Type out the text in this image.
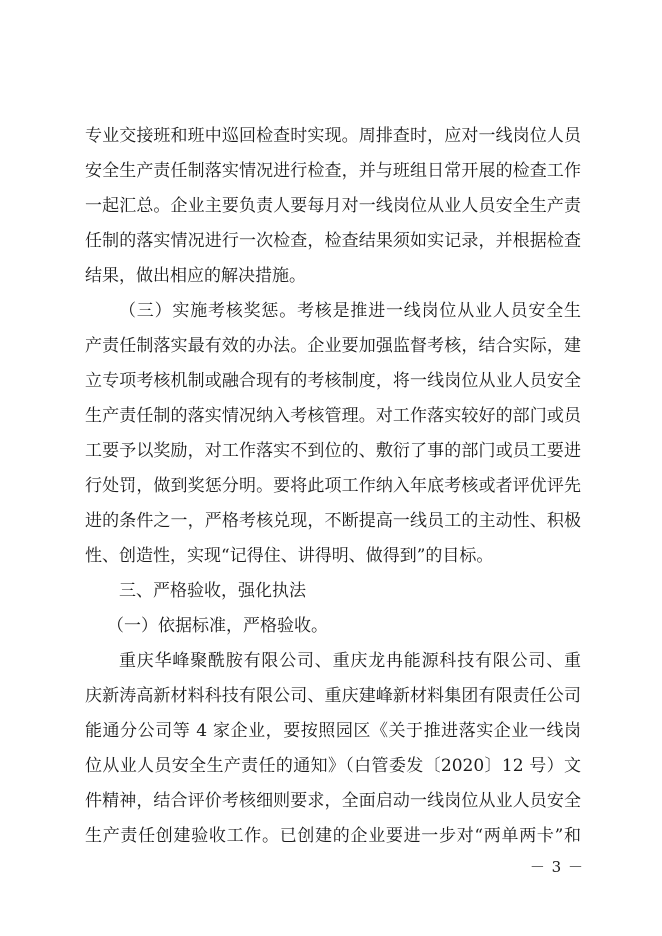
专业交接班和班中巡回检查时实现。周排查时，应对一线岗位人员
安全生产责任制落实情况进行检查，并与班组日常开展的检查工作
一起汇总。企业主要负责人要每月对一线岗位从业人员安全生产责
任制的落实情况进行一次检查，检查结果须如实记录，并根据检查
结果，做出相应的解决措施。
（三）实施考核奖惩。考核是推进一线岗位从业人员安全生
产责任制落实最有效的办法。企业要加强监督考核，结合实际，建
立专项考核机制或融合现有的考核制度，将一线岗位从业人员安全
生产责任制的落实情况纳入考核管理。对工作落实较好的部门或员
工要予以奖励，对工作落实不到位的、敷衍了事的部门或员工要进
行处罚，做到奖惩分明。要将此项工作纳入年底考核或者评优评先
进的条件之一，严格考核兑现，不断提高一线员工的主动性、积极
性、创造性，实现“记得住、讲得明、做得到”的目标。
三、严格验收，强化执法
（一）依据标准，严格验收。
重庆华峰聚酰胺有限公司、重庆龙冉能源科技有限公司、重
庆新涛高新材料科技有限公司、重庆建峰新材料集团有限责任公司
能通分公司等 4 家企业，要按照园区《关于推进落实企业一线岗
位从业人员安全生产责任的通知》（白管委发〔2020〕12 号）文
件精神，结合评价考核细则要求，全面启动一线岗位从业人员安全
生产责任创建验收工作。已创建的企业要进一步对“两单两卡”和
－ 3 －
